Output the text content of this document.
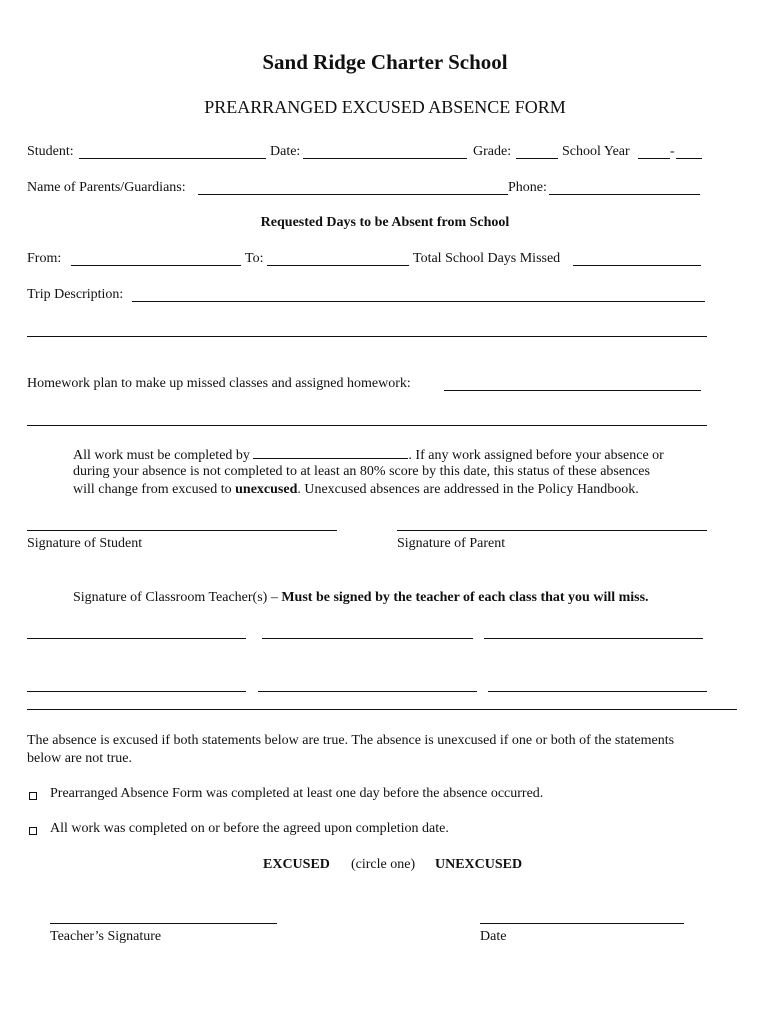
Sand Ridge Charter School
PREARRANGED EXCUSED ABSENCE FORM
Student:	Date:	Grade:	School Year	-
Name of Parents/Guardians:	Phone:
Requested Days to be Absent from School
From:	To:	Total School Days Missed
Trip Description:
Homework plan to make up missed classes and assigned homework:
All work must be completed by	. If any work assigned before your absence or
during your absence is not completed to at least an 80% score by this date, this status of these absences
will change from excused to unexcused. Unexcused absences are addressed in the Policy Handbook.
Signature of Student	Signature of Parent
Signature of Classroom Teacher(s) – Must be signed by the teacher of each class that you will miss.
The absence is excused if both statements below are true. The absence is unexcused if one or both of the statements
below are not true.
Prearranged Absence Form was completed at least one day before the absence occurred.
All work was completed on or before the agreed upon completion date.
EXCUSED (circle one) UNEXCUSED
Teacher’s Signature	Date
